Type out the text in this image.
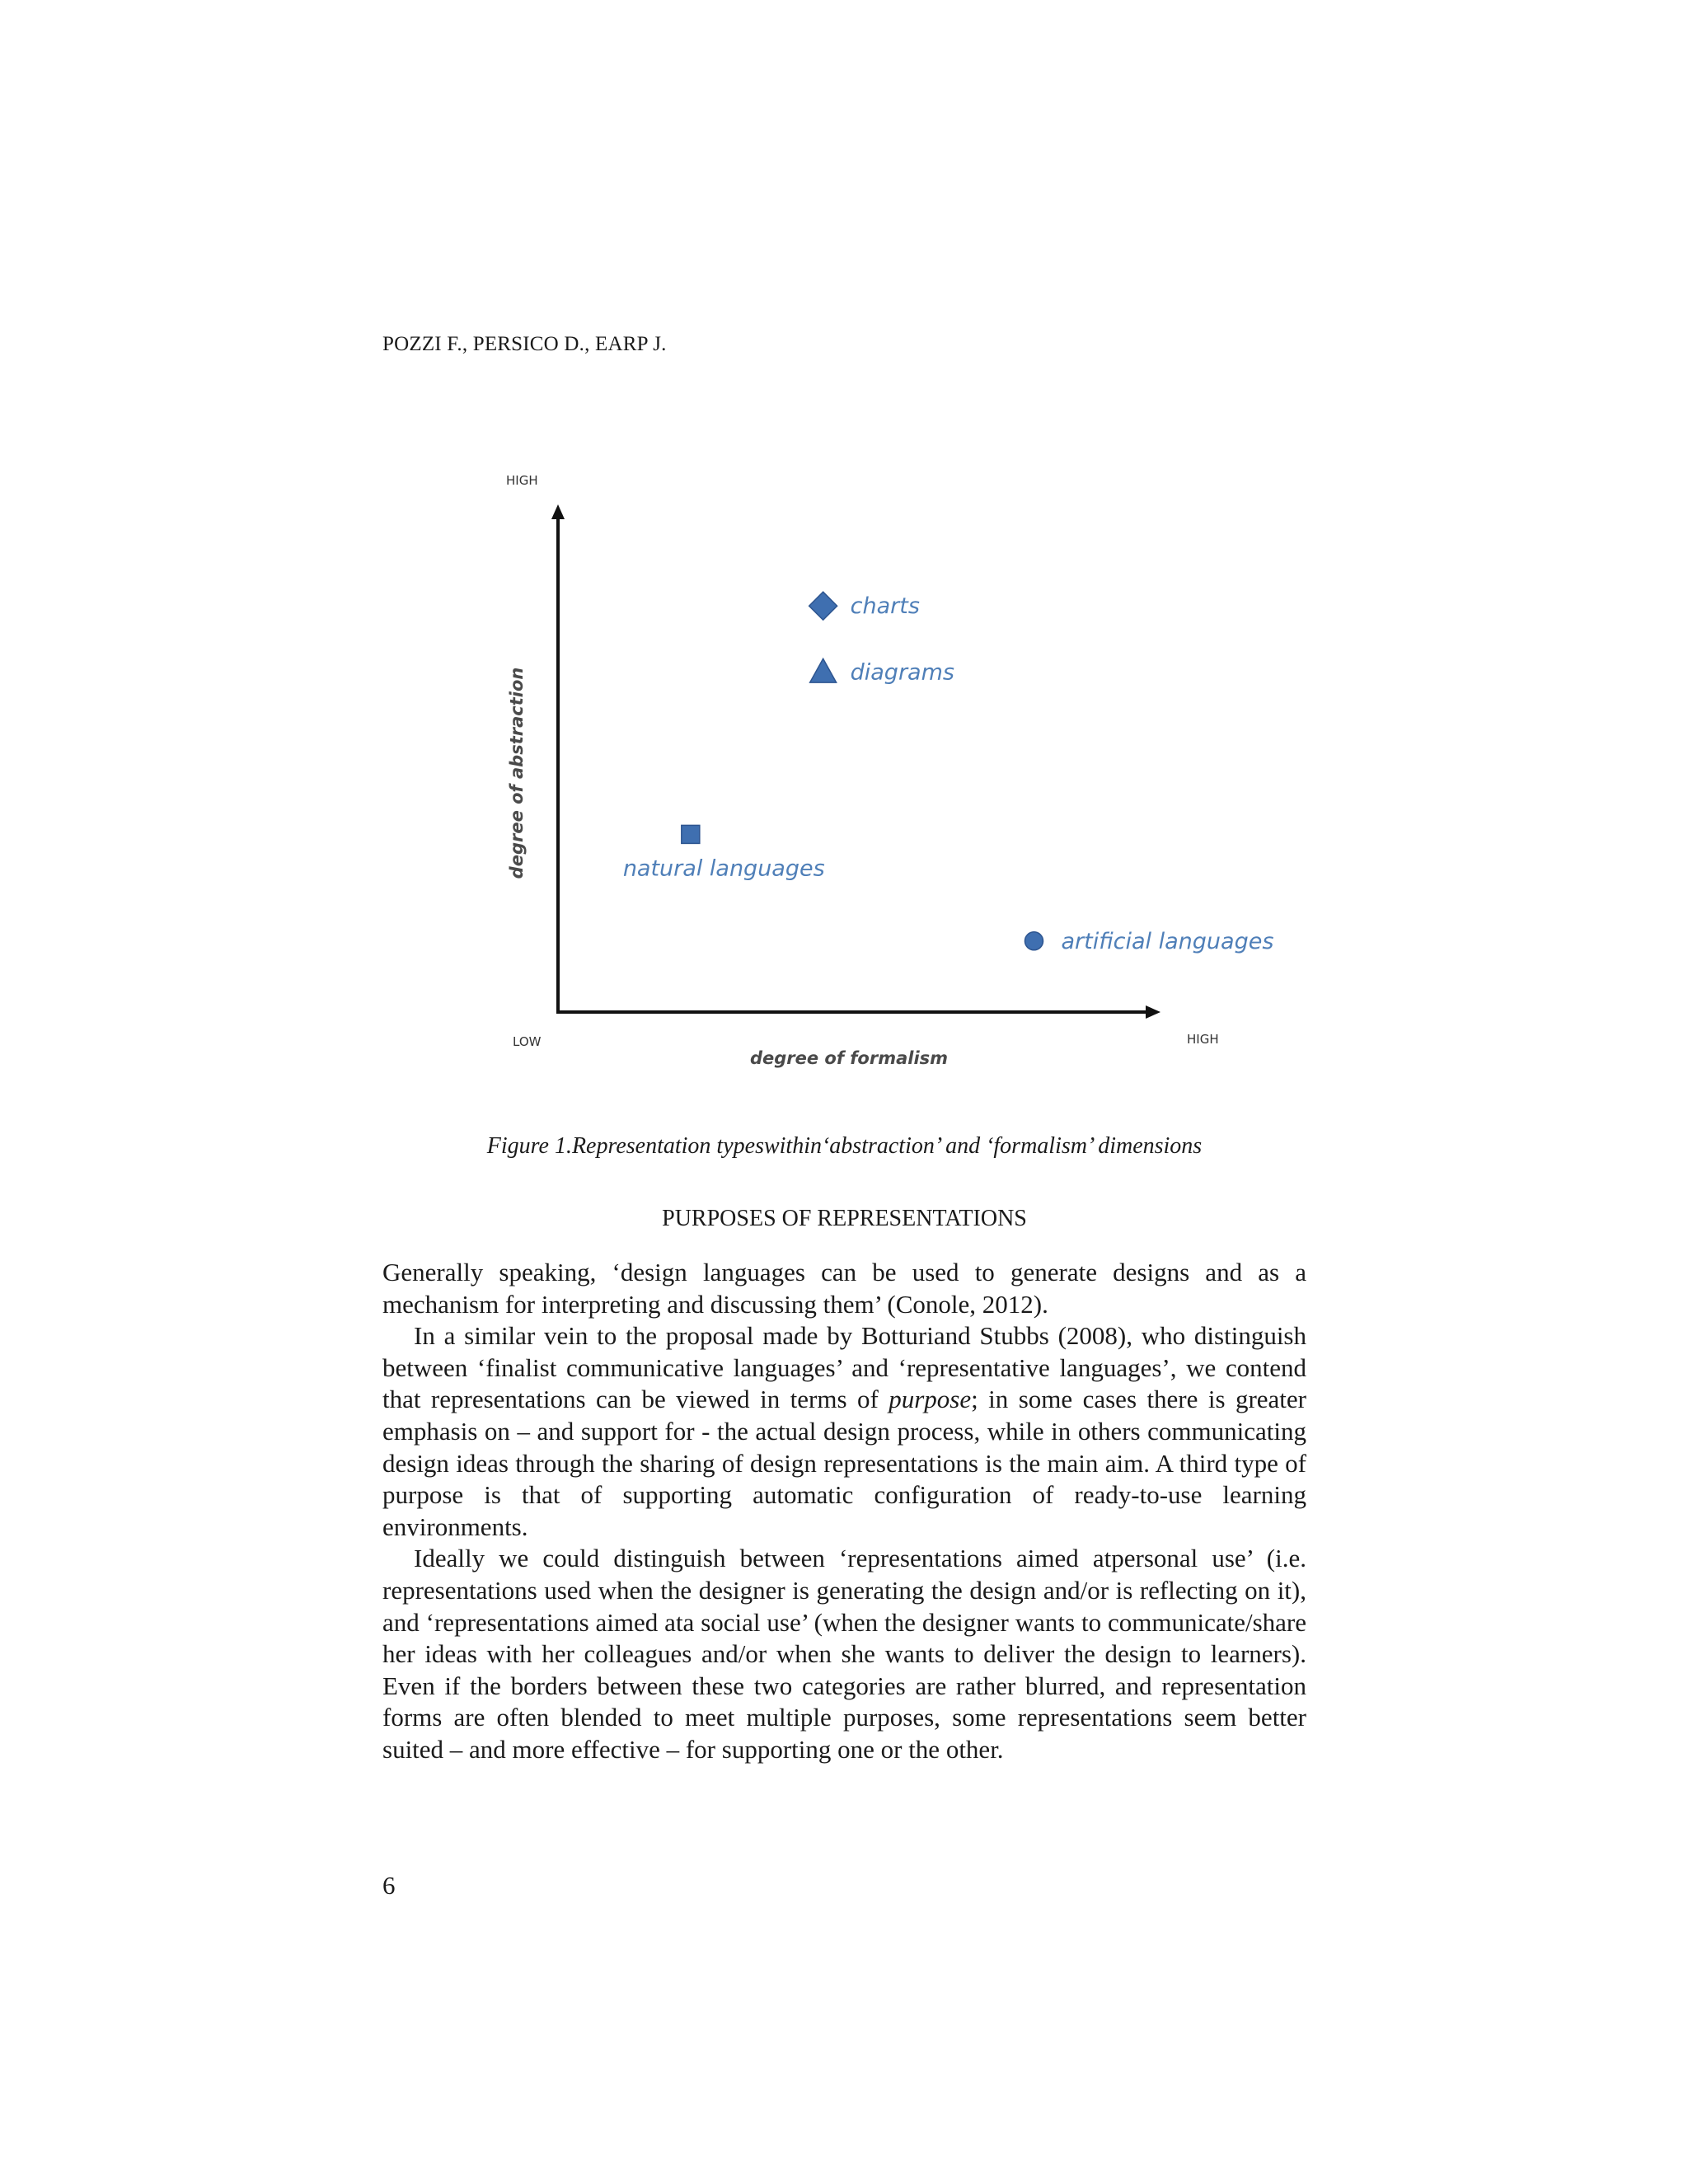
POZZI F., PERSICO D., EARP J.
HIGH
LOW	HIGH
degree of formalism
degree of abstraction
charts
diagrams
natural languages
artificial languages
Figure 1.Representation typeswithin‘abstraction’ and ‘formalism’ dimensions
PURPOSES OF REPRESENTATIONS

Generally speaking, ‘design languages can be used to generate designs and as a mechanism for interpreting and discussing them’ (Conole, 2012).

In a similar vein to the proposal made by Botturiand Stubbs (2008), who distinguish between ‘finalist communicative languages’ and ‘representative languages’, we contend that representations can be viewed in terms of purpose; in some cases there is greater emphasis on – and support for - the actual design process, while in others communicating design ideas through the sharing of design representations is the main aim. A third type of purpose is that of supporting automatic configuration of ready-to-use learning environments.

Ideally we could distinguish between ‘representations aimed atpersonal use’ (i.e. representations used when the designer is generating the design and/or is reflecting on it), and ‘representations aimed ata social use’ (when the designer wants to communicate/share her ideas with her colleagues and/or when she wants to deliver the design to learners). Even if the borders between these two categories are rather blurred, and representation forms are often blended to meet multiple purposes, some representations seem better suited – and more effective – for supporting one or the other.

6
